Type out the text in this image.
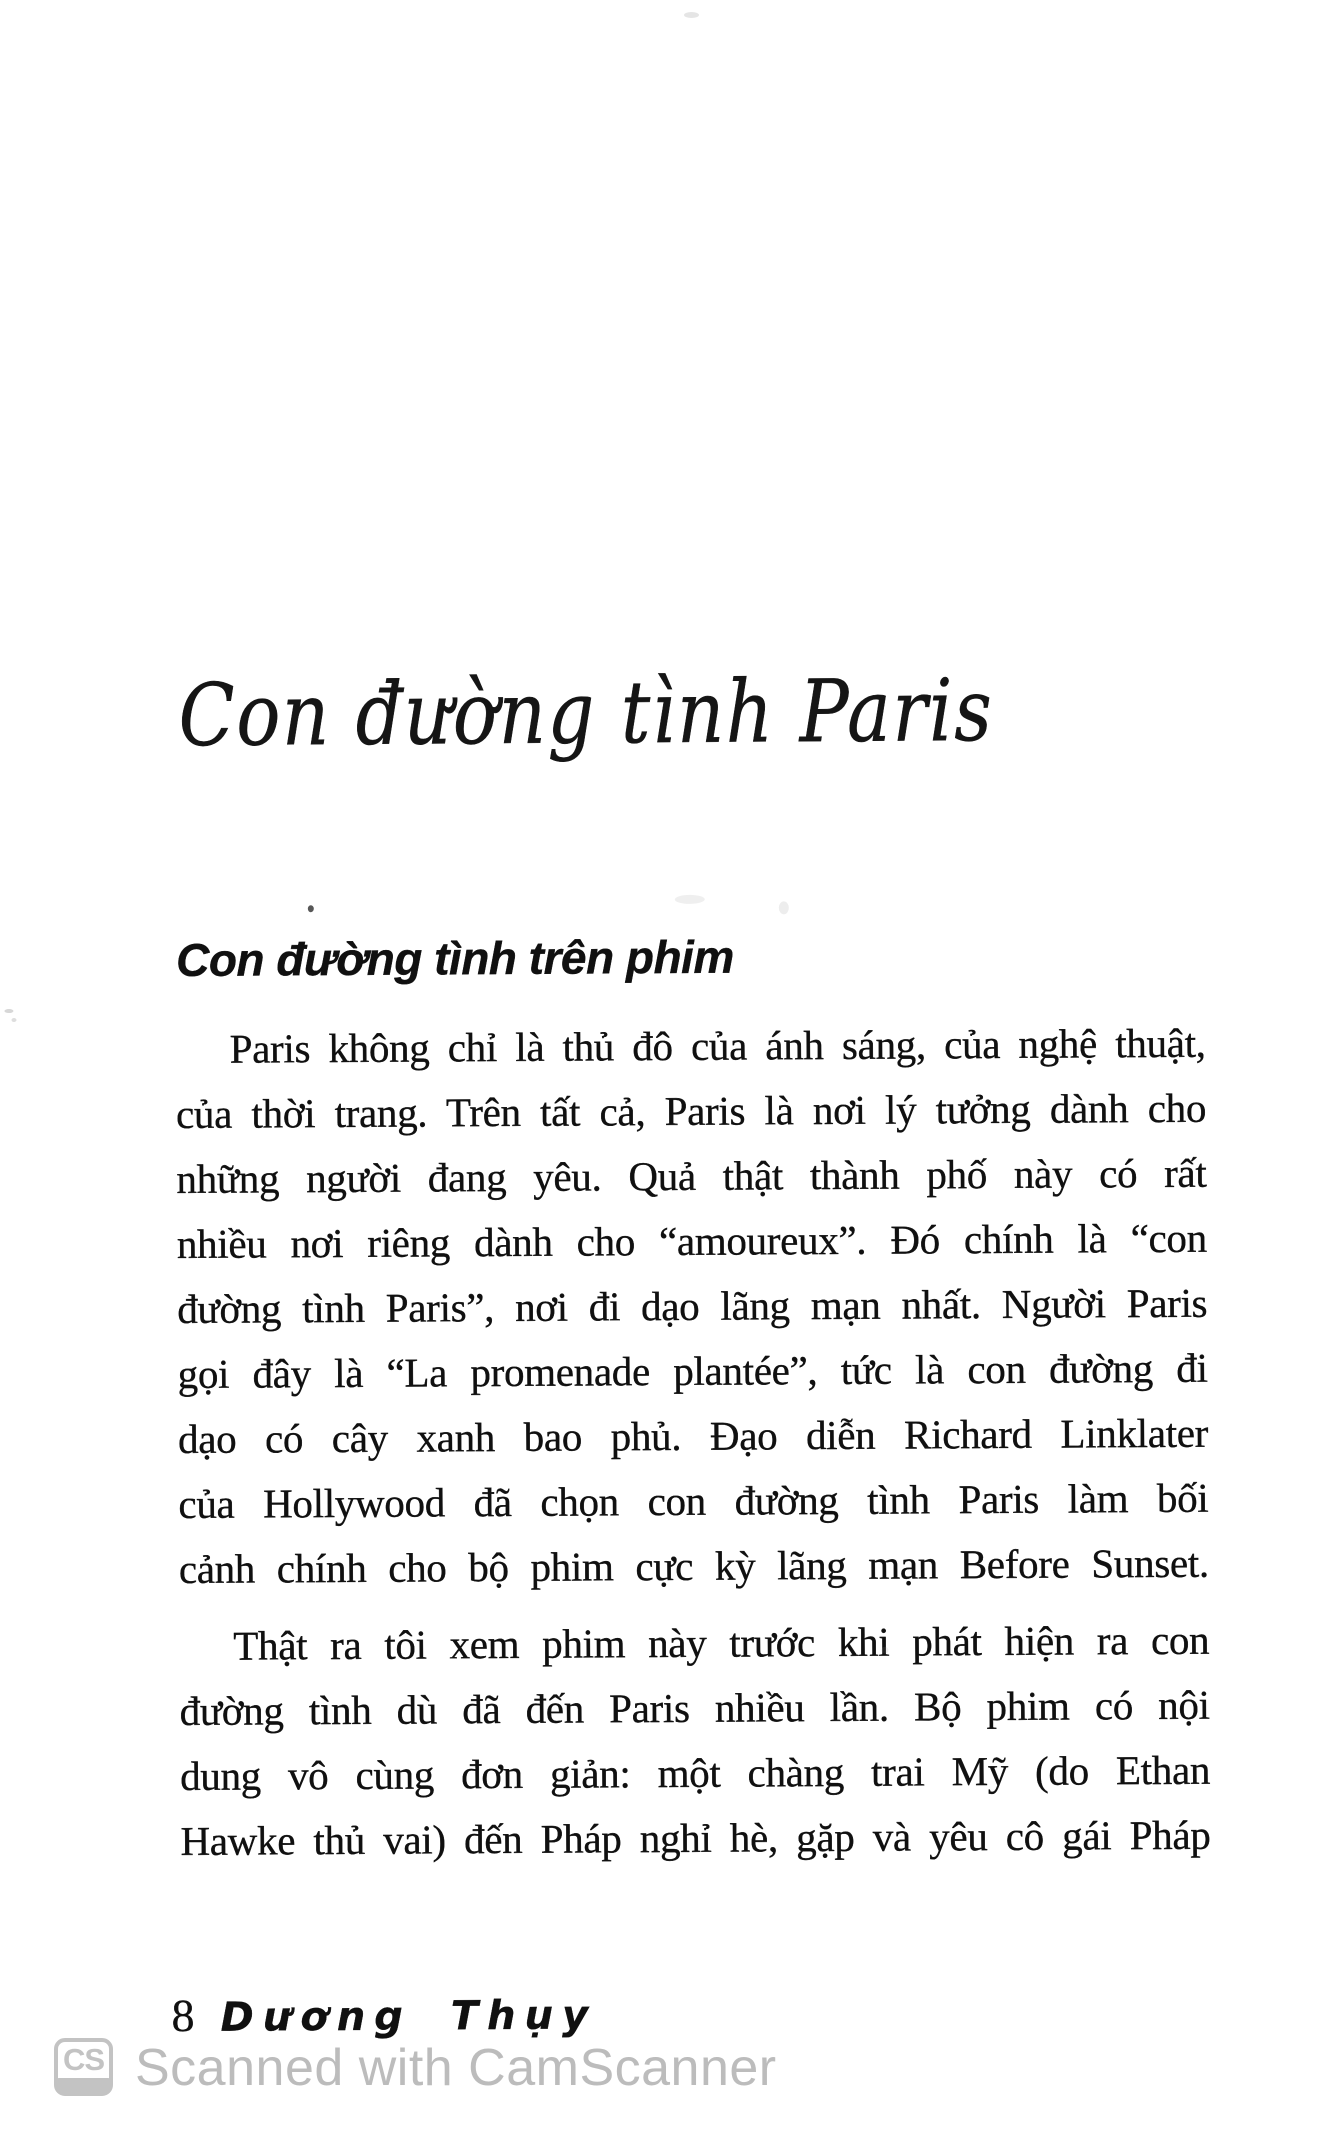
Con đường tình Paris
Con đường tình trên phim
Paris không chỉ là thủ đô của ánh sáng, của nghệ thuật,
của thời trang. Trên tất cả, Paris là nơi lý tưởng dành cho
những người đang yêu. Quả thật thành phố này có rất
nhiều nơi riêng dành cho “amoureux”. Đó chính là “con
đường tình Paris”, nơi đi dạo lãng mạn nhất. Người Paris
gọi đây là “La promenade plantée”, tức là con đường đi
dạo có cây xanh bao phủ. Đạo diễn Richard Linklater
của Hollywood đã chọn con đường tình Paris làm bối
cảnh chính cho bộ phim cực kỳ lãng mạn Before Sunset.
Thật ra tôi xem phim này trước khi phát hiện ra con
đường tình dù đã đến Paris nhiều lần. Bộ phim có nội
dung vô cùng đơn giản: một chàng trai Mỹ (do Ethan
Hawke thủ vai) đến Pháp nghỉ hè, gặp và yêu cô gái Pháp
8 Dương Thụy
CS Scanned with CamScanner
